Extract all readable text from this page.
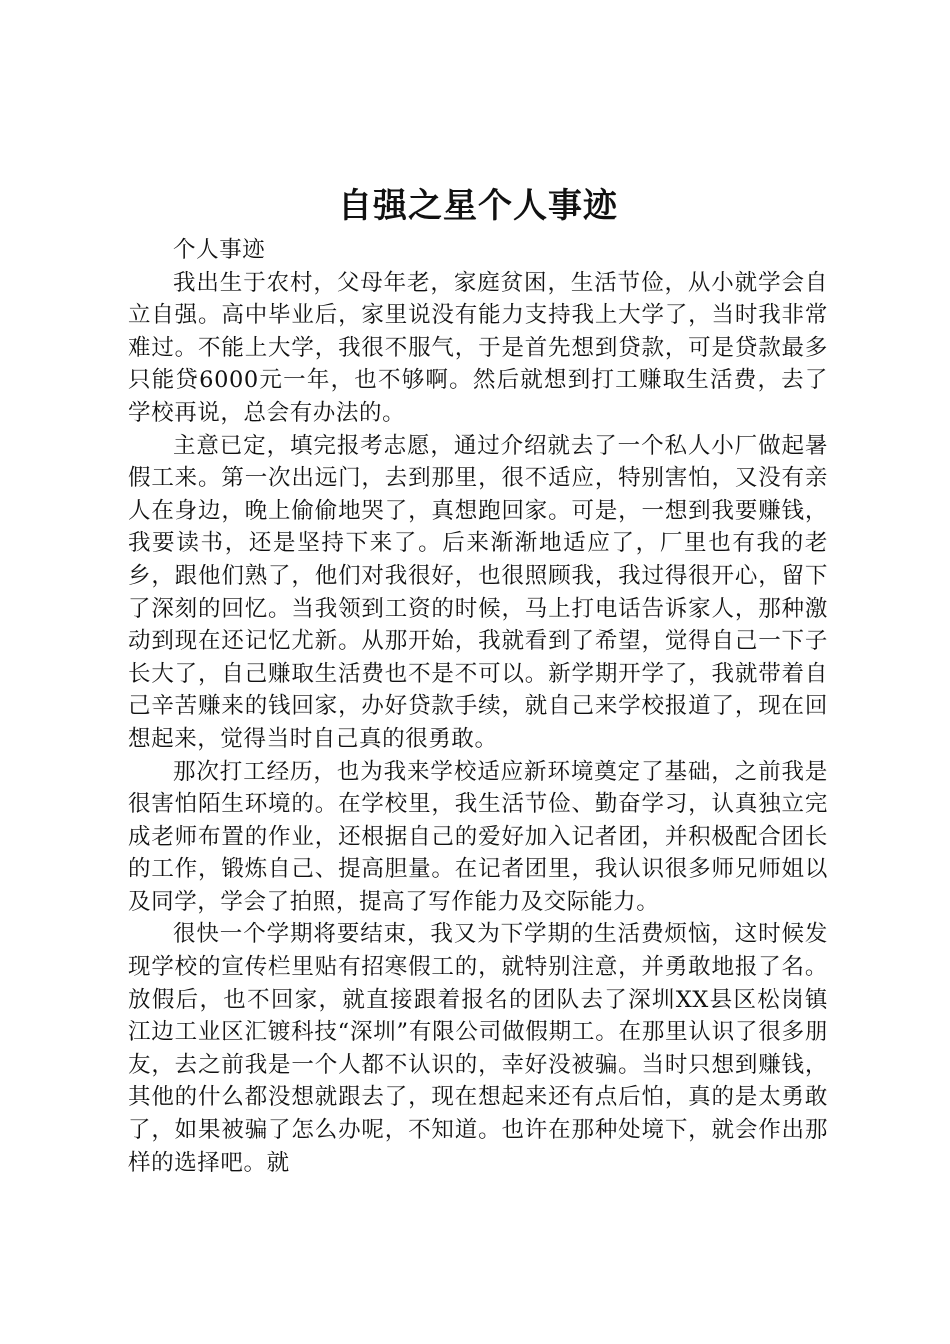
自强之星个人事迹

个人事迹

我出生于农村，父母年老，家庭贫困，生活节俭，从小就学会自立自强。高中毕业后，家里说没有能力支持我上大学了，当时我非常难过。不能上大学，我很不服气，于是首先想到贷款，可是贷款最多只能贷6000元一年，也不够啊。然后就想到打工赚取生活费，去了学校再说，总会有办法的。

主意已定，填完报考志愿，通过介绍就去了一个私人小厂做起暑假工来。第一次出远门，去到那里，很不适应，特别害怕，又没有亲人在身边，晚上偷偷地哭了，真想跑回家。可是，一想到我要赚钱，我要读书，还是坚持下来了。后来渐渐地适应了，厂里也有我的老乡，跟他们熟了，他们对我很好，也很照顾我，我过得很开心，留下了深刻的回忆。当我领到工资的时候，马上打电话告诉家人，那种激动到现在还记忆尤新。从那开始，我就看到了希望，觉得自己一下子长大了，自己赚取生活费也不是不可以。新学期开学了，我就带着自己辛苦赚来的钱回家，办好贷款手续，就自己来学校报道了，现在回想起来，觉得当时自己真的很勇敢。

那次打工经历，也为我来学校适应新环境奠定了基础，之前我是很害怕陌生环境的。在学校里，我生活节俭、勤奋学习，认真独立完成老师布置的作业，还根据自己的爱好加入记者团，并积极配合团长的工作，锻炼自己、提高胆量。在记者团里，我认识很多师兄师姐以及同学，学会了拍照，提高了写作能力及交际能力。

很快一个学期将要结束，我又为下学期的生活费烦恼，这时候发现学校的宣传栏里贴有招寒假工的，就特别注意，并勇敢地报了名。放假后，也不回家，就直接跟着报名的团队去了深圳XX县区松岗镇江边工业区汇镀科技“深圳”有限公司做假期工。在那里认识了很多朋友，去之前我是一个人都不认识的，幸好没被骗。当时只想到赚钱，其他的什么都没想就跟去了，现在想起来还有点后怕，真的是太勇敢了，如果被骗了怎么办呢，不知道。也许在那种处境下，就会作出那样的选择吧。就
